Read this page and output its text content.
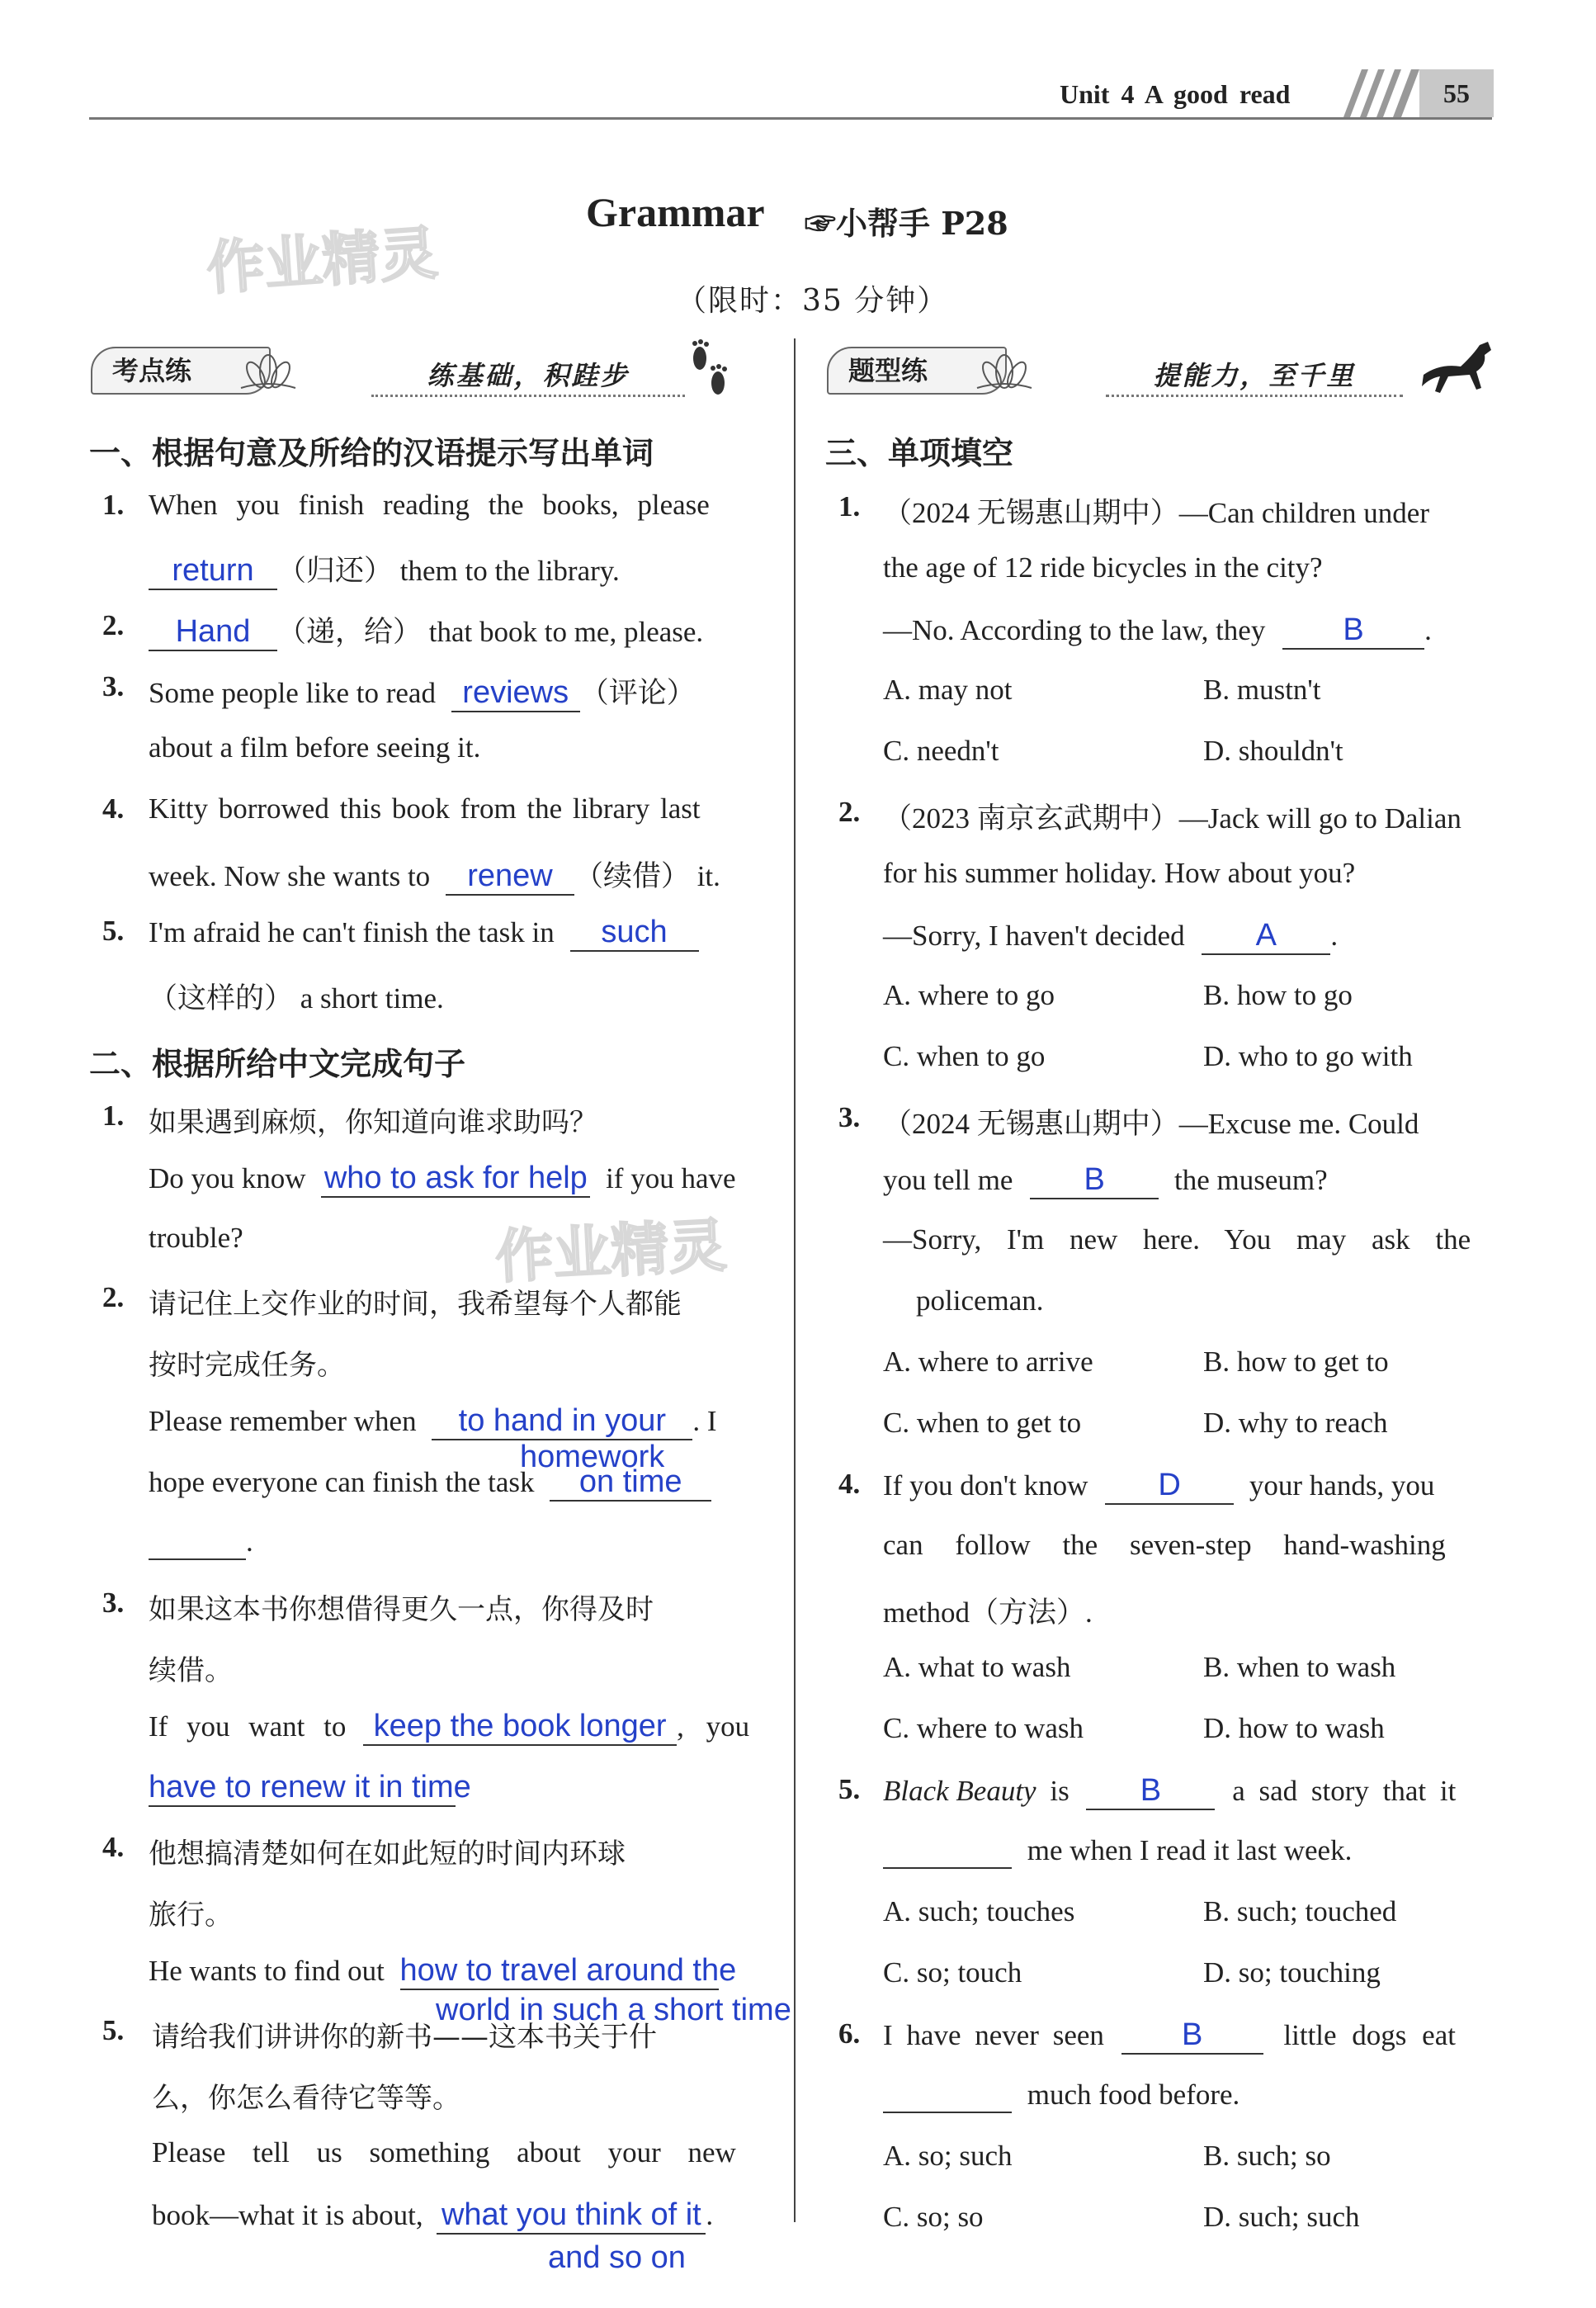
Unit 4 A good read	55
Grammar ☞小帮手 P28
（限时：35 分钟）
作业精灵
作业精灵
考点练	练基础，积跬步	题型练	提能力，至千里
一、根据句意及所给的汉语提示写出单词
1. When you finish reading the books, please
return （归还） them to the library.
2.	Hand （递，给） that book to me, please.
3. Some people like to read reviews （评论）
about a film before seeing it.
4. Kitty borrowed this book from the library last
week. Now she wants to renew （续借） it.
5. I'm afraid he can't finish the task in such
（这样的） a short time.
二、根据所给中文完成句子
1. 如果遇到麻烦，你知道向谁求助吗？
Do you know who to ask for help if you have
trouble?
2. 请记住上交作业的时间，我希望每个人都能
按时完成任务。
Please remember when to hand in your . I
homework
hope everyone can finish the task on time
.
3. 如果这本书你想借得更久一点，你得及时
续借。
If you want to keep the book longer , you
have to renew it in time
4. 他想搞清楚如何在如此短的时间内环球
旅行。
He wants to find out how to travel around the
world in such a short time
5. 请给我们讲讲你的新书——这本书关于什
么，你怎么看待它等等。
Please tell us something about your new
book—what it is about, what you think of it .
and so on
三、单项填空
1. （2024 无锡惠山期中）—Can children under
the age of 12 ride bicycles in the city?
—No. According to the law, they B .
A. may not	B. mustn't
C. needn't	D. shouldn't
2. （2023 南京玄武期中）—Jack will go to Dalian
for his summer holiday. How about you?
—Sorry, I haven't decided A .
A. where to go	B. how to go
C. when to go	D. who to go with
3. （2024 无锡惠山期中）—Excuse me. Could
you tell me B the museum?
—Sorry, I'm new here. You may ask the
policeman.
A. where to arrive	B. how to get to
C. when to get to	D. why to reach
4. If you don't know D your hands, you
can follow the seven-step hand-washing
method（方法）.
A. what to wash	B. when to wash
C. where to wash	D. how to wash
5. Black Beauty is B a sad story that it
me when I read it last week.
A. such; touches	B. such; touched
C. so; touch	D. so; touching
6. I have never seen B	little dogs eat
much food before.
A. so; such	B. such; so
C. so; so	D. such; such
